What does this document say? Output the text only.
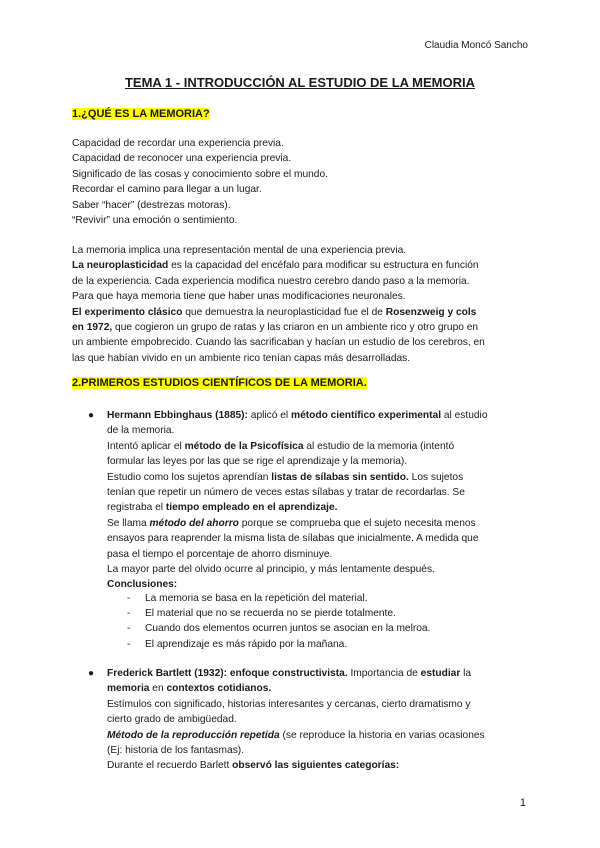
Claudia Moncó Sancho
TEMA 1 - INTRODUCCIÓN AL ESTUDIO DE LA MEMORIA
1.¿QUÉ ES LA MEMORIA?

Capacidad de recordar una experiencia previa.

Capacidad de reconocer una experiencia previa.

Significado de las cosas y conocimiento sobre el mundo.

Recordar el camino para llegar a un lugar.

Saber “hacer” (destrezas motoras).

“Revivir” una emoción o sentimiento.

La memoria implica una representación mental de una experiencia previa.

La neuroplasticidad es la capacidad del encéfalo para modificar su estructura en función

de la experiencia. Cada experiencia modifica nuestro cerebro dando paso a la memoria.

Para que haya memoria tiene que haber unas modificaciones neuronales.

El experimento clásico que demuestra la neuroplasticidad fue el de Rosenzweig y cols

en 1972, que cogieron un grupo de ratas y las criaron en un ambiente rico y otro grupo en

un ambiente empobrecido. Cuando las sacrificaban y hacían un estudio de los cerebros, en

las que habían vivido en un ambiente rico tenían capas más desarrolladas.

2.PRIMEROS ESTUDIOS CIENTÍFICOS DE LA MEMORIA.
● Hermann Ebbinghaus (1885): aplicó el método científico experimental al estudio

de la memoria.

Intentó aplicar el método de la Psicofísica al estudio de la memoria (intentó

formular las leyes por las que se rige el aprendizaje y la memoria).

Estudio como los sujetos aprendían listas de sílabas sin sentido. Los sujetos

tenían que repetir un número de veces estas sílabas y tratar de recordarlas. Se

registraba el tiempo empleado en el aprendizaje.

Se llama método del ahorro porque se comprueba que el sujeto necesita menos

ensayos para reaprender la misma lista de sílabas que inicialmente. A medida que

pasa el tiempo el porcentaje de ahorro disminuye.

La mayor parte del olvido ocurre al principio, y más lentamente después.

Conclusiones:

- La memoria se basa en la repetición del material.
- El material que no se recuerda no se pierde totalmente.
- Cuando dos elementos ocurren juntos se asocian en la melroa.
- El aprendizaje es más rápido por la mañana.
● Frederick Bartlett (1932): enfoque constructivista. Importancia de estudiar la

memoria en contextos cotidianos.

Estímulos con significado, historias interesantes y cercanas, cierto dramatismo y

cierto grado de ambigüedad.

Método de la reproducción repetida (se reproduce la historia en varias ocasiones

(Ej: historia de los fantasmas).

Durante el recuerdo Barlett observó las siguientes categorías:

1
